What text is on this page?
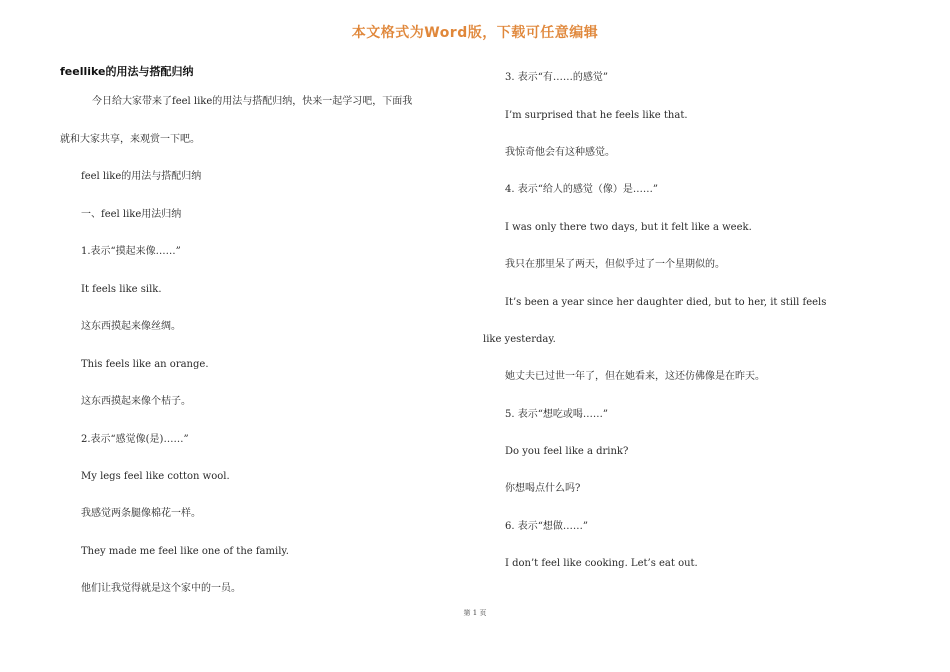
本文格式为Word版，下载可任意编辑
feellike的用法与搭配归纳
今日给大家带来了feel like的用法与搭配归纳，快来一起学习吧，下面我
就和大家共享，来观赏一下吧。
feel like的用法与搭配归纳
一、feel like用法归纳
1.表示“摸起来像……”
It feels like silk.
这东西摸起来像丝绸。
This feels like an orange.
这东西摸起来像个桔子。
2.表示“感觉像(是)……”
My legs feel like cotton wool.
我感觉两条腿像棉花一样。
They made me feel like one of the family.
他们让我觉得就是这个家中的一员。
3. 表示“有……的感觉”
I’m surprised that he feels like that.
我惊奇他会有这种感觉。
4. 表示“给人的感觉（像）是……”
I was only there two days, but it felt like a week.
我只在那里呆了两天，但似乎过了一个星期似的。
It’s been a year since her daughter died, but to her, it still feels
like yesterday.
她丈夫已过世一年了，但在她看来，这还仿佛像是在昨天。
5. 表示“想吃或喝……”
Do you feel like a drink?
你想喝点什么吗?
6. 表示“想做……”
I don’t feel like cooking. Let’s eat out.
第 1 页
